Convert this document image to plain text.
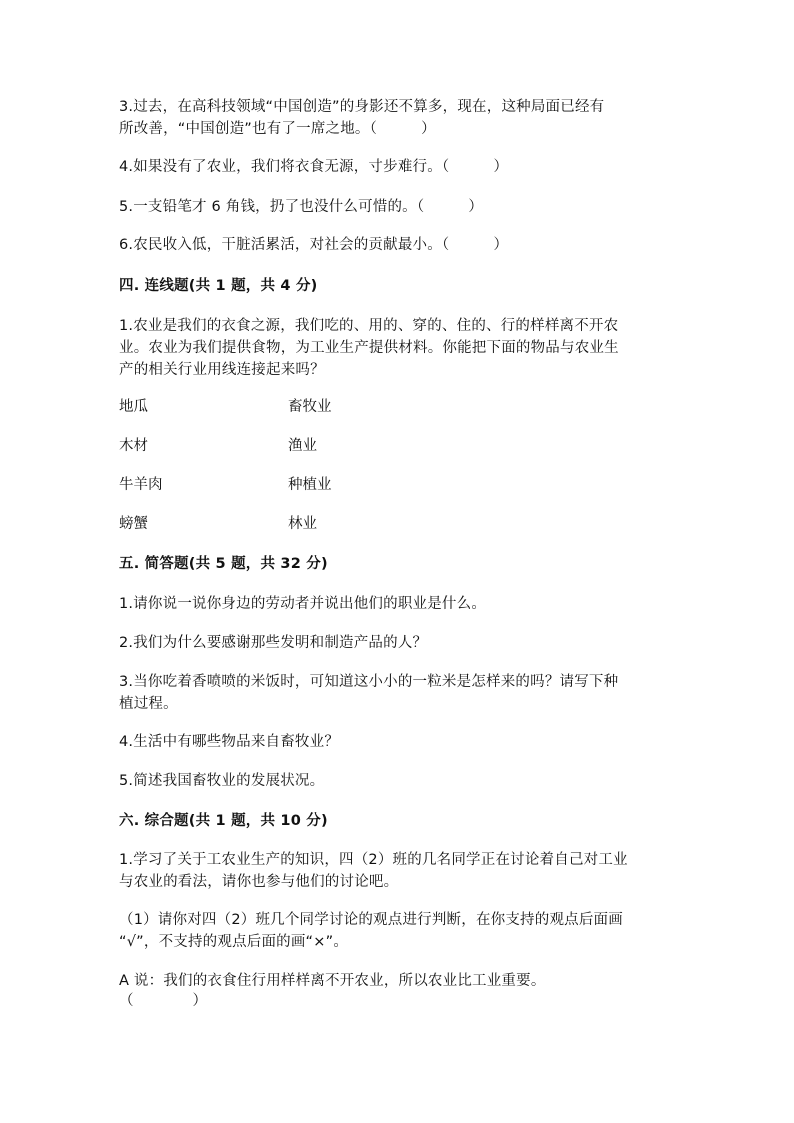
3.过去，在高科技领域“中国创造”的身影还不算多，现在，这种局面已经有
所改善，“中国创造”也有了一席之地。（　　　）
4.如果没有了农业，我们将衣食无源，寸步难行。（　　　）
5.一支铅笔才 6 角钱，扔了也没什么可惜的。（　　　）
6.农民收入低，干脏活累活，对社会的贡献最小。（　　　）
四. 连线题(共 1 题，共 4 分)
1.农业是我们的衣食之源，我们吃的、用的、穿的、住的、行的样样离不开农
业。农业为我们提供食物，为工业生产提供材料。你能把下面的物品与农业生
产的相关行业用线连接起来吗？
地瓜	畜牧业
木材	渔业
牛羊肉	种植业
螃蟹	林业
五. 简答题(共 5 题，共 32 分)
1.请你说一说你身边的劳动者并说出他们的职业是什么。
2.我们为什么要感谢那些发明和制造产品的人？
3.当你吃着香喷喷的米饭时，可知道这小小的一粒米是怎样来的吗？请写下种
植过程。
4.生活中有哪些物品来自畜牧业？
5.简述我国畜牧业的发展状况。
六. 综合题(共 1 题，共 10 分)
1.学习了关于工农业生产的知识，四（2）班的几名同学正在讨论着自己对工业
与农业的看法，请你也参与他们的讨论吧。
（1）请你对四（2）班几个同学讨论的观点进行判断，在你支持的观点后面画
“√”，不支持的观点后面的画“×”。
A 说：我们的衣食住行用样样离不开农业，所以农业比工业重要。
（　　　　）
